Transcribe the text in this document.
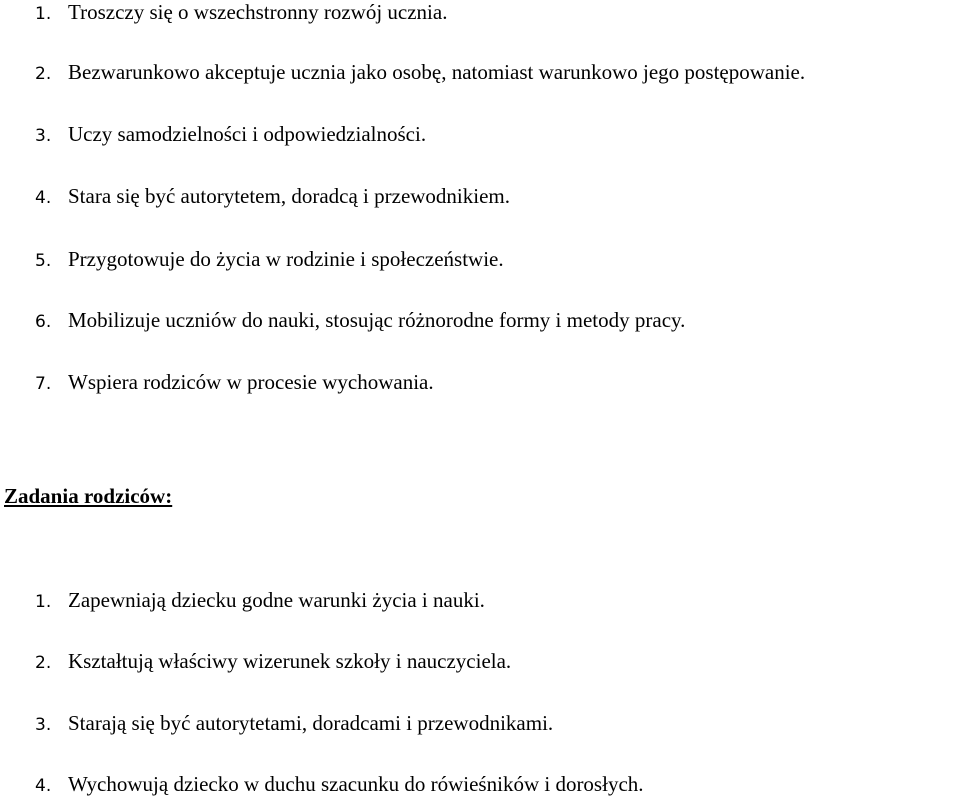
1. Troszczy się o wszechstronny rozwój ucznia.
2. Bezwarunkowo akceptuje ucznia jako osobę, natomiast warunkowo jego postępowanie.
3. Uczy samodzielności i odpowiedzialności.
4. Stara się być autorytetem, doradcą i przewodnikiem.
5. Przygotowuje do życia w rodzinie i społeczeństwie.
6. Mobilizuje uczniów do nauki, stosując różnorodne formy i metody pracy.
7. Wspiera rodziców w procesie wychowania.
Zadania rodziców:
1. Zapewniają dziecku godne warunki życia i nauki.
2. Kształtują właściwy wizerunek szkoły i nauczyciela.
3. Starają się być autorytetami, doradcami i przewodnikami.
4. Wychowują dziecko w duchu szacunku do rówieśników i dorosłych.
